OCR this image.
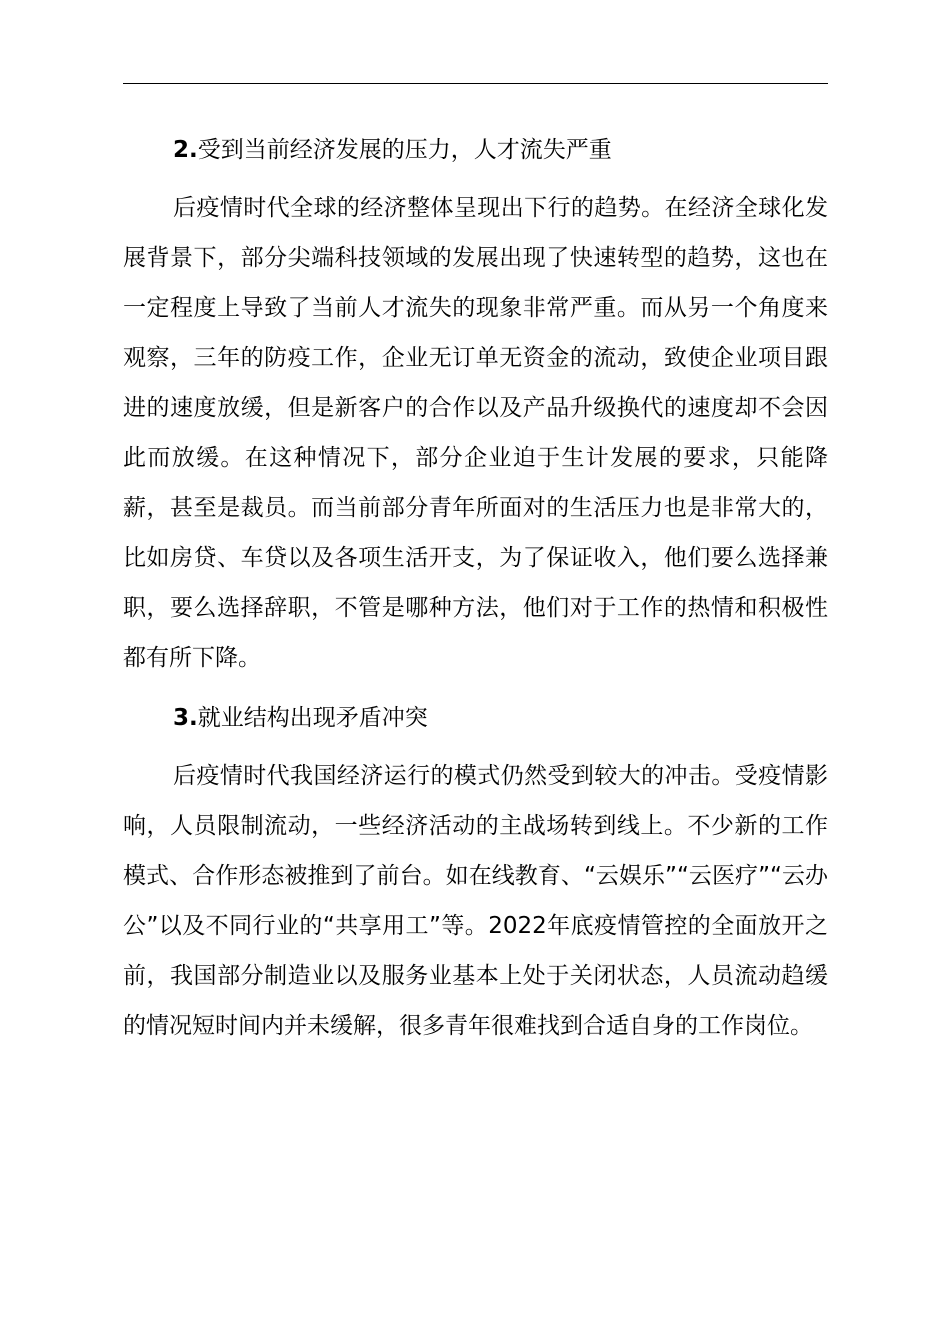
2.受到当前经济发展的压力，人才流失严重

后疫情时代全球的经济整体呈现出下行的趋势。在经济全球化发展背景下，部分尖端科技领域的发展出现了快速转型的趋势，这也在一定程度上导致了当前人才流失的现象非常严重。而从另一个角度来观察，三年的防疫工作，企业无订单无资金的流动，致使企业项目跟进的速度放缓，但是新客户的合作以及产品升级换代的速度却不会因此而放缓。在这种情况下，部分企业迫于生计发展的要求，只能降薪，甚至是裁员。而当前部分青年所面对的生活压力也是非常大的，比如房贷、车贷以及各项生活开支，为了保证收入，他们要么选择兼职，要么选择辞职，不管是哪种方法，他们对于工作的热情和积极性都有所下降。

3.就业结构出现矛盾冲突

后疫情时代我国经济运行的模式仍然受到较大的冲击。受疫情影响，人员限制流动，一些经济活动的主战场转到线上。不少新的工作模式、合作形态被推到了前台。如在线教育、“云娱乐”“云医疗”“云办公”以及不同行业的“共享用工”等。2022年底疫情管控的全面放开之前，我国部分制造业以及服务业基本上处于关闭状态，人员流动趋缓的情况短时间内并未缓解，很多青年很难找到合适自身的工作岗位。
